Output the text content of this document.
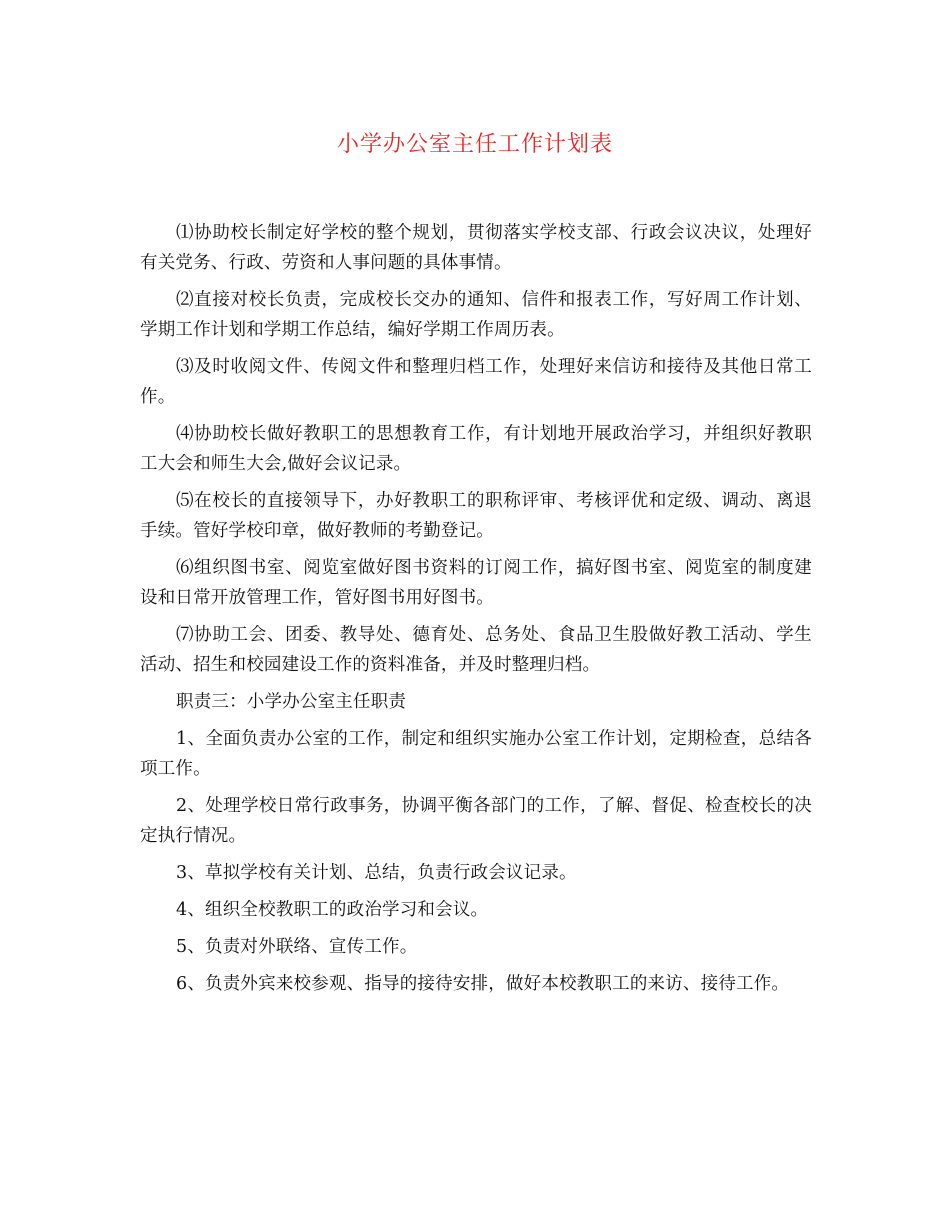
小学办公室主任工作计划表

⑴协助校长制定好学校的整个规划，贯彻落实学校支部、行政会议决议，处理好有关党务、行政、劳资和人事问题的具体事情。

⑵直接对校长负责，完成校长交办的通知、信件和报表工作，写好周工作计划、学期工作计划和学期工作总结，编好学期工作周历表。

⑶及时收阅文件、传阅文件和整理归档工作，处理好来信访和接待及其他日常工作。

⑷协助校长做好教职工的思想教育工作，有计划地开展政治学习，并组织好教职工大会和师生大会,做好会议记录。

⑸在校长的直接领导下，办好教职工的职称评审、考核评优和定级、调动、离退手续。管好学校印章，做好教师的考勤登记。

⑹组织图书室、阅览室做好图书资料的订阅工作，搞好图书室、阅览室的制度建设和日常开放管理工作，管好图书用好图书。

⑺协助工会、团委、教导处、德育处、总务处、食品卫生股做好教工活动、学生活动、招生和校园建设工作的资料准备，并及时整理归档。

职责三：小学办公室主任职责

1、全面负责办公室的工作，制定和组织实施办公室工作计划，定期检查，总结各项工作。

2、处理学校日常行政事务，协调平衡各部门的工作，了解、督促、检查校长的决定执行情况。

3、草拟学校有关计划、总结，负责行政会议记录。

4、组织全校教职工的政治学习和会议。

5、负责对外联络、宣传工作。

6、负责外宾来校参观、指导的接待安排，做好本校教职工的来访、接待工作。
